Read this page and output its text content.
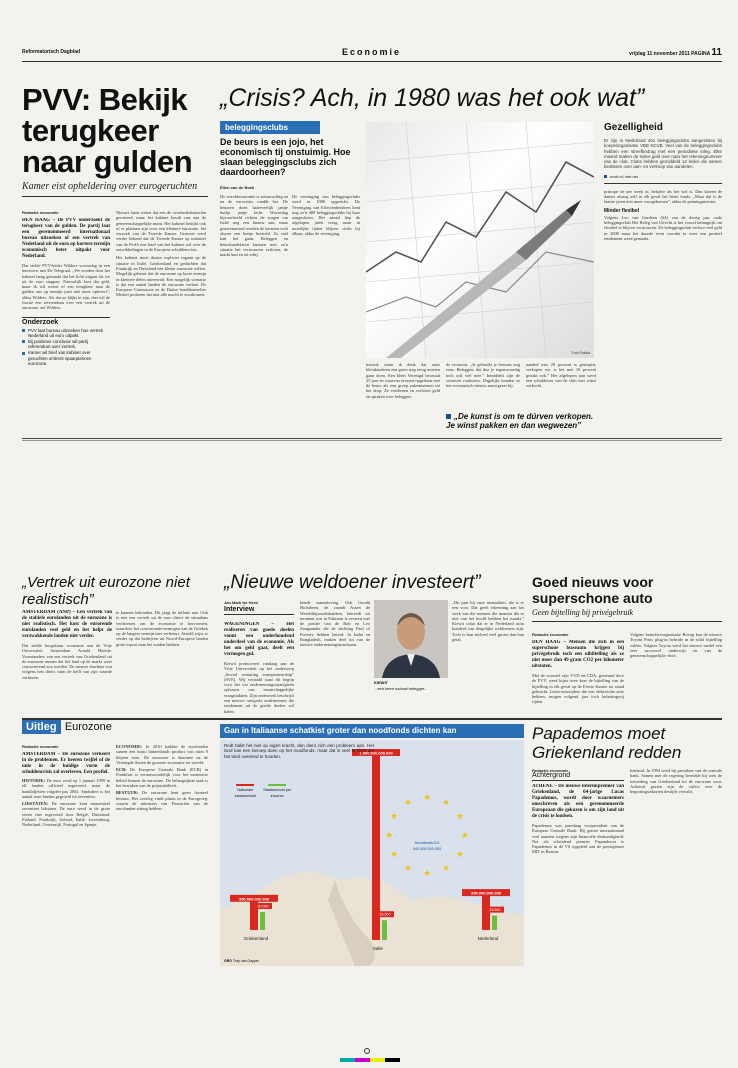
Reformatorisch Dagblad	Economie	vrijdag 11 november 2011 PAGINA 11
PVV: Bekijk terugkeer naar gulden
Kamer eist opheldering over eurogeruchten
Redactie economie
DEN HAAG – De PVV onderzoekt de terugkeer van de gulden. De partij laat een gerenommeerd internationaal bureau uitzoeken of een vertrek van Nederland uit de euro op kortere termijn economisch beter uitpakt voor Nederland.
Dat stelde PVV-leider Wilders woensdag in een interview met De Telegraaf. „We worden door het kabinet bang gemaakt dat het licht uitgaat als we uit de euro stappen. Natuurlijk kost dat geld, maar ik wil weten of een terugkeer naar de gulden ons op termijn juist niet meer oplevert”, aldus Wilders. Als dat zo blijkt te zijn, dan wil de fractie een referendum over een vertrek uit de eurozone, zei Wilders.
Onderzoek
PVV laat bureau uitzoeken hoe vertrek Nederland uit euro uitpakt.
Bij positieve conclusie wil partij referendum over vertrek.
Kamer wil brief van kabinet over geruchten omtrent spaarplannen eurozone.
Nieuws laten weten dat een de overheidsfinanciën geroteerd, maar het kabinet houdt vast aan de gemeenschappelijke munt. Het kabinet bekijkt ook of er plannen zijn voor een kleinere eurozone, het verzoek van de Tweede Kamer. Gisteren werd verder bekend dat de Tweede Kamer op initiatief van de PvdA een brief van het kabinet wil over de ontwikkelingen in de Europese schuldencrisis.
Het kabinet moet daarin expliciet ingaan op de situatie in Italië, Griekenland en gedachten dat Frankrijk en Duitsland een kleine eurozone willen. Mogelijk gebeurt dat de eurozone op korte termijn in kleinere delen uiteenvalt. Een mogelijk scenario is dat een aantal landen de eurozone verlaat. De Europese Commissie en de Duitse bondskanselier Merkel proberen dat met alle macht te voorkomen.
„Crisis? Ach, in 1980 was het ook wat”
beleggingsclubs
De beurs is een jojo, het economisch tij onstuimig. Hoe slaan beleggingsclubs zich daardoorheen?
Ellen van de Boek
De wereldeconomie is zenuwachtig en na de eurocrisis ronddt het. De beurzen doen harteveelijk jantje huilje, jantje lacht. Woensdag bijvoorbeeld richten de zorgen om Italië nog een knauw aan, maar gisterenavond werden de beurzen toch alweer een beetje hersteld. Zo snel kan het gaan. Beleggen en beursbandelaren kunnen met zo'n situatie het vertrouwen verloren, de markt kan en zit erbij.
De vereniging van beleggingsclubs werd in 1980 opgericht. De Vereniging van Effectenbezitters kent nog zo'n 400 beleggingsclubs bij haar aangesloten. Het aantal liep de afgelopen jaren terug maar in moeilijke tijden blijven clubs bij elkaar, aldus de vereniging.
Foto Fotolia
bouwd, maar ik denk dat onze kleinkinderen een grote stap terug moeten gaan doen. Een klein Verenigd beursaal 25 jaar en waarvan ervaren opgedaan met de beurs als een groep zakenmensen uit het dorp. Ze verdienen en verloren geld en spraken over beleggen.
de vrouwen. „Je gebruikt je hersens nog eens. Beleggen, dat doe je tegenwoordig toch ook wel mee.” Inmiddels zijn de vrouwen routiniers. Dagelijks houden ze het economisch nieuws nauwgezet bij.
aanded met 20 procent is gestegen, verkopen we, is het met 10 procent gezakt ook.” Het afgelopen jaar werd een schuldeiser van de club met winst verkocht.
„De kunst is om te dúrven verkopen. Je winst pakken en dan wegwezen”
Gezelligheid
Er zijn in Nederland 401 beleggingsclubs aangesloten bij koepelorganisatie VBB NCVB. Veel van de beleggingsclubs hebben een streefbedrag met een periodieke inleg. Elke maand maken de leden geld over naar het rekeningnummer van de club. Clubs hebben gemiddeld 12 leden die samen beslissen over aan- en verkoop van aandelen.
ncvb.nl; veb.net
principe de per week in, behalve als het wel is. Dan kiezen de dames alsnog zelf in elk geval het beste fonds. „Maar dat is de laatste jaren niet meer voorgekomen”, aldus de penningmeester.
Minder flexibel
Volgens Leo van Gardeen (64) van de derrig jaar oude beleggingsclub Het Beleg van Utrecht is het vooral belangrijk om flexibel te blijven vertrouwen. De beleggingsclub verloor veel geld in 2008 maar het duurde even voordat er weer een positief rendement werd gemaakt.
„Vertrek uit eurozone niet realistisch”
AMSTERDAM (ANP) – Een vertrek van de stabiele eurolanden uit de eurozone is niet realistisch. Het kost de eurorende eurolanden veel geld en het helpt de verzwakkende landen niet verder.
Dat stelde hoogleraar economie aan de Vrije Universiteit Amsterdam Arnold Heertje. Voorstanders van een vertrek van Griekenland uit de eurozone menen dat het land op de markt weer concurrerend zou worden. De nieuwe drachme zou volgens hen direct ruim de helft van zijn waarde verliezen.
te kunnen behouden. Dit jaagt de inflatie aan. Ook is met een vertrek uit de euro direct de stimulans verdwenen om de economie te hervormen, waardoor het concurrentievermogen van de Grieken op de langere termijn niet verbetert. Arnold wijst er verder op dat bedrijven uit Noord-Europese landen grote export naar het zuiden hebben.
„Nieuwe weldoener investeert”
Jan Mark ter Heve
Interview
WAGENINGEN – Het realiseren van goede doelen vonnt een onderhoudend onderdeel van de economie. Als het om geld gaat, deelt een vermogen gul.
Kiewit promoveert vandaag aan de Vrije Universiteit op het onderwerp „Social venturing entrepreneurship” (SVE). Wij vertaald staat dit begrip voor het via ondernemingsstrategieën oplossen van maatschappelijke vraagstukken. Zijn onderzoek beschrijft een nieuwe categorie ondernemers die rendement uit de goede doelen wil halen.
kende samenleving. Ook Gerald Hofstheen, de vaandt Assen de Wereldbijzonderbanken, betreedt uit moment wat in Pakistan is ervaren met de positie van de Rob en Leo Zangaander die de stichting Faul of Poverty hebben bereid. In India en Bangladesh, maken deel uit van de nieuwe ondernemingsstructuren.
KIEWIT
...een keert sociaal belegger...
„Dit past bij onze mentaliteit, die is er een voor. Dat geeft erkenning aan het werk van die mensen die mensen die er niet van het hoofd hebben het maakt.” Kiewit schat dat er in Nederland ruim honderd van dergelijke weldoeners zijn. Toch is hun invloed veel groter dan hun getal.
Goed nieuws voor superschone auto
Geen bijtelling bij privégebruik
Redactie economie
DEN HAAG – Mensen die zich in een superschone leaseauto krijgen bij privégebruik toch een nihiltelling als ze niet meer dan 49 gram CO2 per kilometer uitstoten.
Met de voorstel zijn VVD en CDA, gesteund door de PVV, werd bijna twee keer de bijtelling van de bijtelling in elk geval op de Eerste Kamer tot stand gebracht. Lease-autorijders die een elektrische auto hebben, mogen volgend jaar toch belastingvrij rijden.
Volgens branchevorganisatie Bovag kan de nieuwe Toyota Prius plug-in hybride in de nihil bijtelling vallen. Volgens Toyota werd het nieuwe model een zeer succesvol onderwijs en van de gemeenschappelijke vloot.
Uitleg Eurozone
Redactie economie
AMSTERDAM – De eurozone verkeert in de problemen. Er heeren twijfel of de unie in de huidige vorm de schuldencrisis zal overleven. Een profiel.
HISTORIE: De euro werd op 1 januari 1999 in elf landen officieel ingevoerd, maar de bankbiljetten volgden pas 2002. Sindsdien is het aantal euro-landen gegroeid tot zeventien.
LIDSTATEN: De eurozone kent momenteel zeventien lidstaten. De euro werd in de grote eerste fase ingevoerd door België, Duitsland, Finland, Frankrijk, Ierland, Italië, Luxemburg, Nederland, Oostenrijk, Portugal en Spanje.
ECONOMIE: In 2010 hadden de eurolanden samen een bruto binnenlands product van ruim 9 biljoen euro. De eurozone is daarmee na de Verenigde Staten de grootste economie ter wereld.
ECB: De Europese Centrale Bank (ECB) in Frankfurt is verantwoordelijk voor het monetaire beleid binnen de eurozone. De belangrijkste taak is het bewaken van de prijsstabiliteit.
BESTUUR: De eurozone kent geen formeel bestuur. Het overleg vindt plaats in de Eurogroep, waarin de ministers van Financiën van de eurolanden zitting hebben.
Gan in Italiaanse schatkist groter dan noodfonds dichten kan
★
★
★
★
★
★
★
★
★
★
★
★
350.000.000.000
30.000
Griekenland
1.900.000.000.000
33.500
Italië
395.000.000.000
23.800
Nederland
Redt Italië het niet op eigen kracht, dan dient zich een probleem aan. Het land kan een beroep doen op het noodfonds, maar dat is veel te klein om het land overeind te houden.
Nationale staatsschuld
Staatsschuld per inwoner
Noodfonds EU
440.000.000.000
GRO Trap van Dapper
Papademos moet Griekenland redden
Redactie economie
Achtergrond
ATHENE – De nieuwe interimpremier van Griekenland, de 64-jarige Lucas Papademos, wordt door waarnemers omschreven als een gerenommeerde Europeaan die gekozen is om zijn land uit de crisis te loodsen.
Papademos was jarenlang vicepresident van de Europese Centrale Bank. Hij geniet internationaal veel aanzien wegens zijn financiële deskundigheid. Net als scheidend premier Papandreou is Papademos in de VS opgeleid aan de prestigieuze MIT in Boston.
kenland. In 1994 werd hij president van de centrale bank. Samen met de regering bereidde hij toen de toetreding van Griekenland tot de eurozone voor. Achteraf gezien zijn de cijfers over de begrotingstekorten destijds vervalst.
